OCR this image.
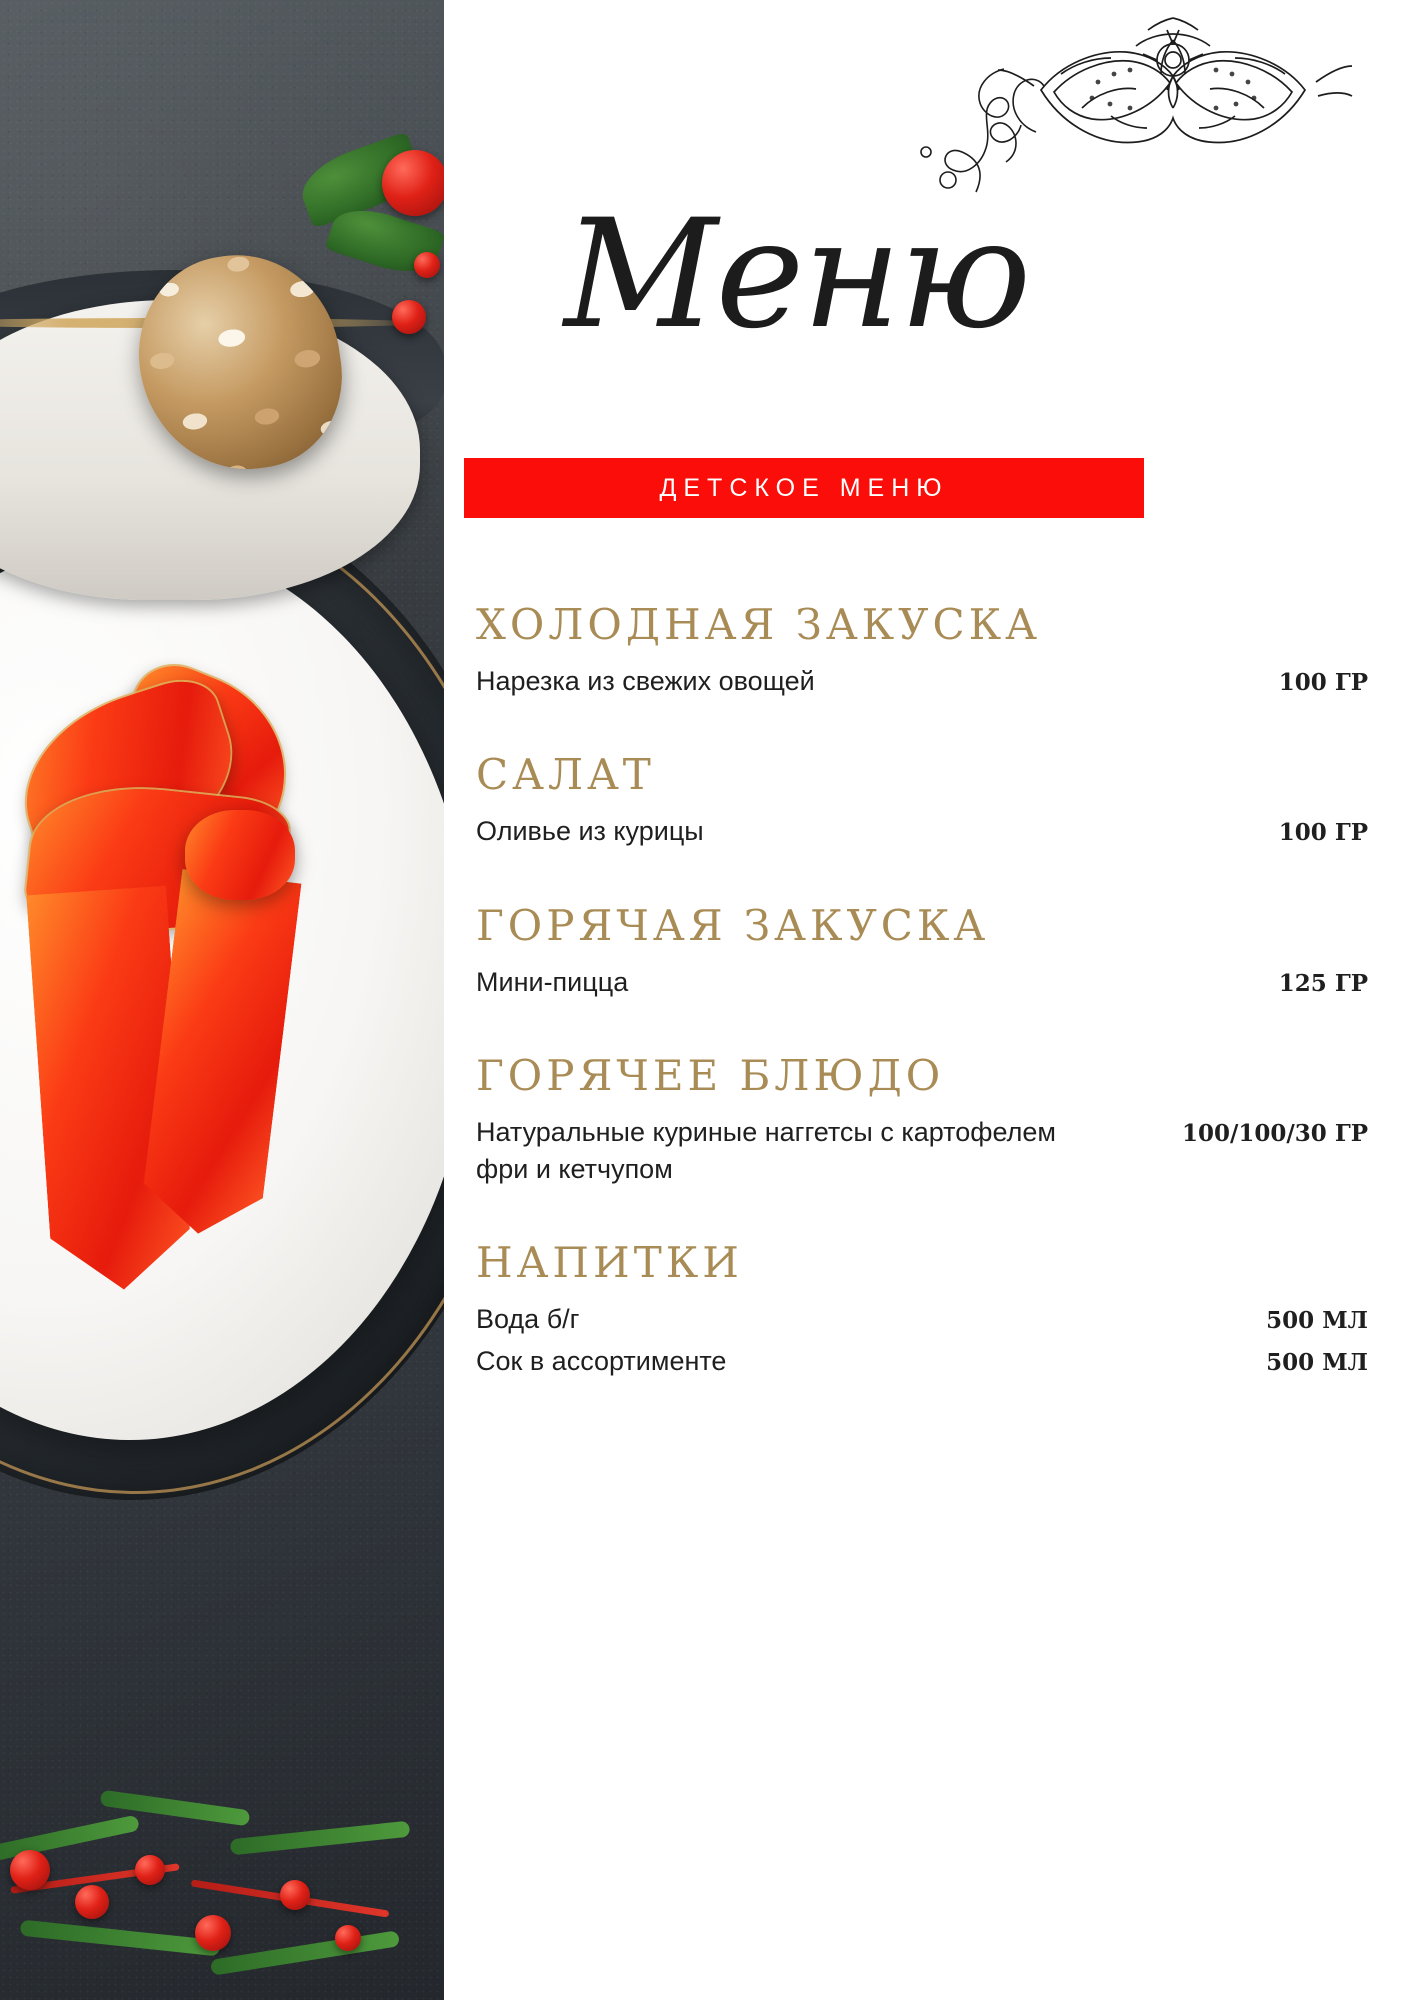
Меню
ДЕТСКОЕ МЕНЮ
ХОЛОДНАЯ ЗАКУСКА
Нарезка из свежих овощей	100 ГР
САЛАТ
Оливье из курицы	100 ГР
ГОРЯЧАЯ ЗАКУСКА
Мини-пицца	125 ГР
ГОРЯЧЕЕ БЛЮДО
Натуральные куриные наггетсы с картофелем фри и кетчупом
100/100/30 ГР
НАПИТКИ
Вода б/г	500 МЛ
Сок в ассортименте	500 МЛ
